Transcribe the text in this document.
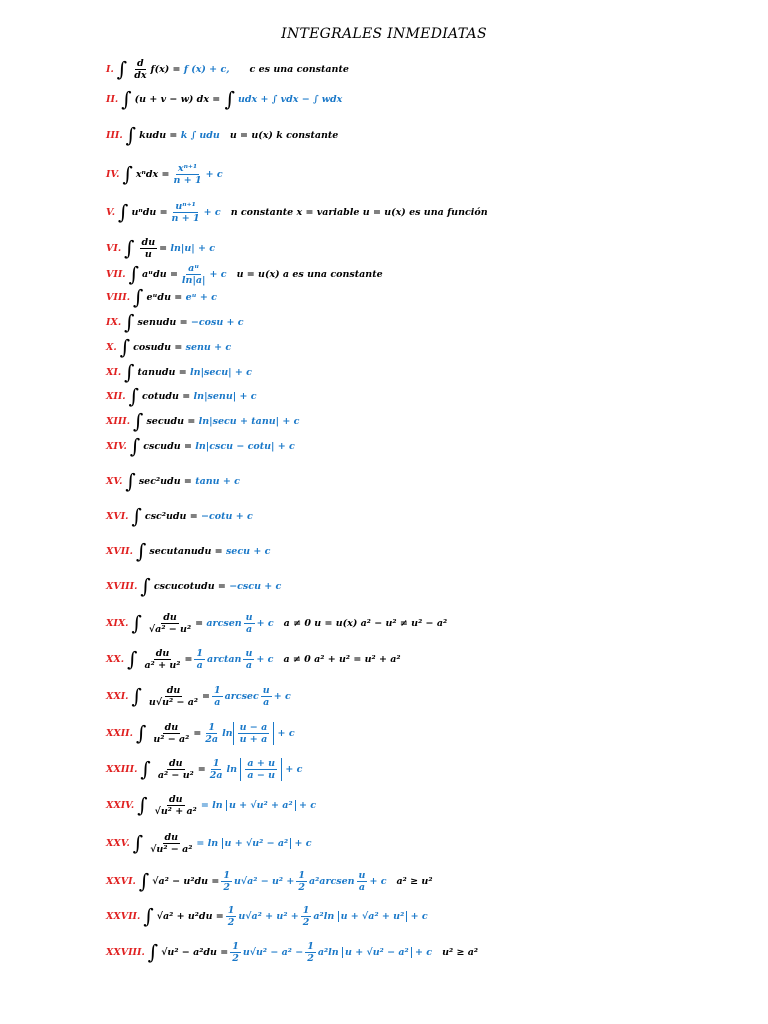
INTEGRALES INMEDIATAS
I. ∫ $\frac{d}{dx} f(x)$ =
f (x) + c, c es una constante
II. ∫ (u + v − w) dx =
∫ udx + ∫ vdx − ∫ wdx
III. ∫ kudu =
k ∫ udu u = u(x) k constante
IV. ∫ $x^ndx = \frac{\text{xⁿ⁺¹}}{n + 1} + c$
V. ∫ $u^ndu = \frac{\text{uⁿ⁺¹}}{n + 1} + c$ n constante x = variable u = u(x) es una función
VI. ∫ $\frac{du}{u}$ =
ln|u| + c
VII. ∫ aᵘdu = $\frac{\text{aᵘ}}{\ln|a|} + c$ u = u(x) a es una constante
VIII. ∫ eᵘdu =
eᵘ + c
IX. ∫ senudu =
−cosu + c
X. ∫ cosudu =
senu + c
XI. ∫ tanudu =
ln|secu| + c
XII. ∫ cotudu =
ln|senu| + c
XIII. ∫ secudu =
ln|secu + tanu| + c
XIV. ∫ cscudu =
ln|cscu − cotu| + c
XV. ∫ sec²udu =
tanu + c
XVI. ∫ csc²udu =
−cotu + c
XVII. ∫ secutanudu =
secu + c
XVIII. ∫ cscucotudu =
−cscu + c
XIX. ∫ $\frac{du}{\text{√a² − u²}}$ =
arcsen $\frac{u}{a} + c$ a ≠ 0 u = u(x) a² − u² ≠ u² − a²
XX. ∫ $\frac{du}{\text{a² + u²}} = \frac{1}{a}$ $\arctan \frac{u}{a} + c$ a ≠ 0 a² + u² = u² + a²
XXI. ∫ $\frac{du}{\text{u√u² − a²}} = \frac{1}{a}$ arcsec $\frac{u}{a} + c$
XXII. ∫ $\frac{du}{\text{u² − a²}} = \frac{1}{2a}$ $\ln \frac{u - a}{u + a}$
+ c
XXIII. ∫ $\frac{du}{\text{a² − u²}} = \frac{1}{2a}$ ln
$\frac{a + u}{a - u}$
+ c
XXIV. ∫ $\frac{du}{\text{√u² + a²}} = \ln$
u + √u² + a²
+ c
XXV. ∫ $\frac{du}{\text{√u² − a²}} = \ln$
u + √u² − a²
+ c
XXVI. ∫ $√a^2 - u^2du = \frac{1}{2} u√a^2 - u^2 + \frac{1}{2}$ a²arcsen $\frac{u}{a} + c$ a² ≥ u²
XXVII. ∫ $√a^2 + u^2du = \frac{1}{2} u√a^2 + u^2 + \frac{1}{2} a^2\ln$
u + √a² + u²
+ c
XXVIII. ∫ $√u^2 - a^2du = \frac{1}{2} u√u^2 - a^2 - \frac{1}{2} a^2\ln$
u + √u² − a²
+ c u² ≥ a²
